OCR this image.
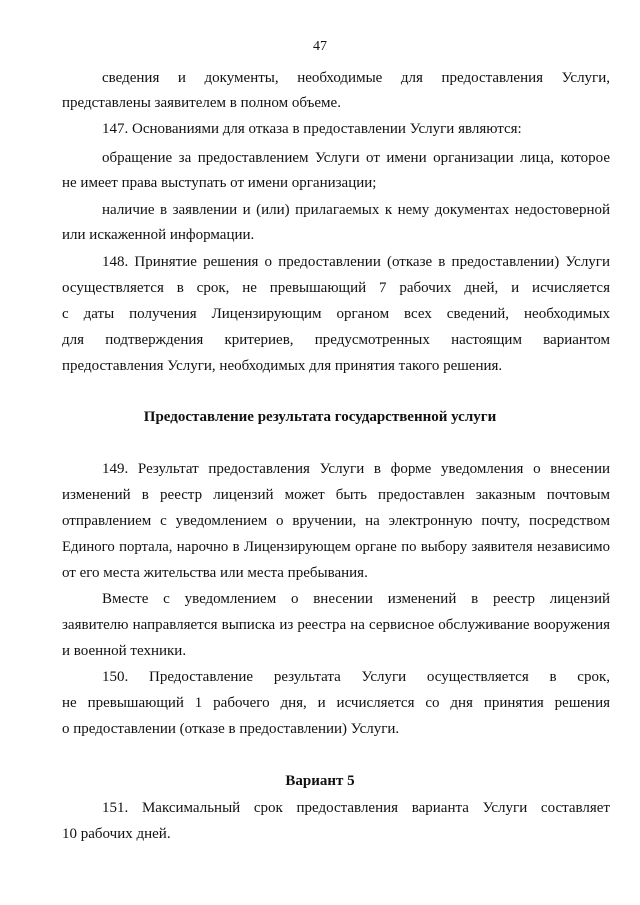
47
сведения и документы, необходимые для предоставления Услуги,
представлены заявителем в полном объеме.
147. Основаниями для отказа в предоставлении Услуги являются:
обращение за предоставлением Услуги от имени организации лица, которое
не имеет права выступать от имени организации;
наличие в заявлении и (или) прилагаемых к нему документах недостоверной
или искаженной информации.
148. Принятие решения о предоставлении (отказе в предоставлении) Услуги
осуществляется в срок, не превышающий 7 рабочих дней, и исчисляется
с даты получения Лицензирующим органом всех сведений, необходимых
для подтверждения критериев, предусмотренных настоящим вариантом
предоставления Услуги, необходимых для принятия такого решения.
Предоставление результата государственной услуги
149. Результат предоставления Услуги в форме уведомления о внесении
изменений в реестр лицензий может быть предоставлен заказным почтовым
отправлением с уведомлением о вручении, на электронную почту, посредством
Единого портала, нарочно в Лицензирующем органе по выбору заявителя независимо
от его места жительства или места пребывания.
Вместе с уведомлением о внесении изменений в реестр лицензий
заявителю направляется выписка из реестра на сервисное обслуживание вооружения
и военной техники.
150. Предоставление результата Услуги осуществляется в срок,
не превышающий 1 рабочего дня, и исчисляется со дня принятия решения
о предоставлении (отказе в предоставлении) Услуги.
Вариант 5
151. Максимальный срок предоставления варианта Услуги составляет
10 рабочих дней.
